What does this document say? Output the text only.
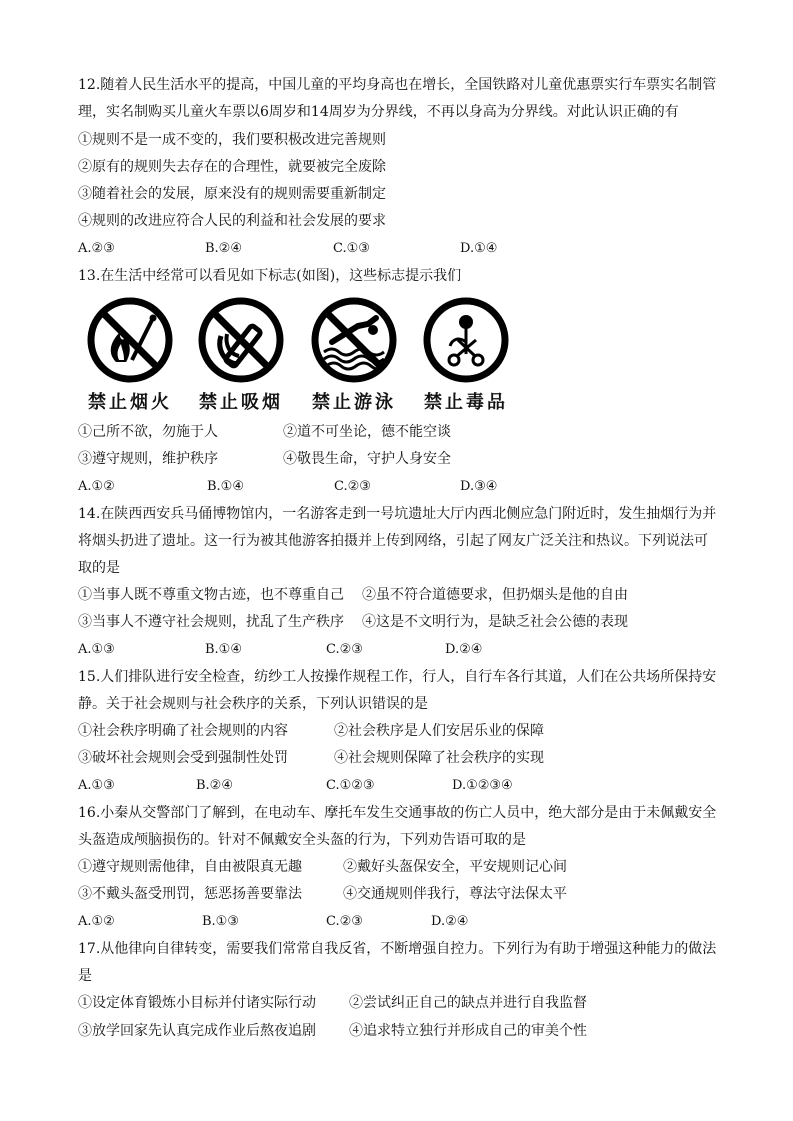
12.随着人民生活水平的提高，中国儿童的平均身高也在增长，全国铁路对儿童优惠票实行车票实名制管
理，实名制购买儿童火车票以6周岁和14周岁为分界线，不再以身高为分界线。对此认识正确的有
①规则不是一成不变的，我们要积极改进完善规则
②原有的规则失去存在的合理性，就要被完全废除
③随着社会的发展，原来没有的规则需要重新制定
④规则的改进应符合人民的利益和社会发展的要求
A.②③	B.②④	C.①③	D.①④
13.在生活中经常可以看见如下标志(如图)，这些标志提示我们
禁止烟火	禁止吸烟	禁止游泳	禁止毒品
①己所不欲，勿施于人	②道不可坐论，德不能空谈
③遵守规则，维护秩序	④敬畏生命，守护人身安全
A.①②	B.①④	C.②③	D.③④
14.在陕西西安兵马俑博物馆内，一名游客走到一号坑遗址大厅内西北侧应急门附近时，发生抽烟行为并
将烟头扔进了遗址。这一行为被其他游客拍摄并上传到网络，引起了网友广泛关注和热议。下列说法可
取的是
①当事人既不尊重文物古迹，也不尊重自己 ②虽不符合道德要求，但扔烟头是他的自由
③当事人不遵守社会规则，扰乱了生产秩序 ④这是不文明行为，是缺乏社会公德的表现
A.①③	B.①④	C.②③	D.②④
15.人们排队进行安全检查，纺纱工人按操作规程工作，行人，自行车各行其道，人们在公共场所保持安
静。关于社会规则与社会秩序的关系，下列认识错误的是
①社会秩序明确了社会规则的内容	②社会秩序是人们安居乐业的保障
③破坏社会规则会受到强制性处罚	④社会规则保障了社会秩序的实现
A.①③	B.②④	C.①②③	D.①②③④
16.小秦从交警部门了解到，在电动车、摩托车发生交通事故的伤亡人员中，绝大部分是由于未佩戴安全
头盔造成颅脑损伤的。针对不佩戴安全头盔的行为，下列劝告语可取的是
①遵守规则需他律，自由被限真无趣	②戴好头盔保安全，平安规则记心间
③不戴头盔受刑罚，惩恶扬善要靠法	④交通规则伴我行，尊法守法保太平
A.①②	B.①③	C.②③	D.②④
17.从他律向自律转变，需要我们常常自我反省，不断增强自控力。下列行为有助于增强这种能力的做法
是
①设定体育锻炼小目标并付诸实际行动 ②尝试纠正自己的缺点并进行自我监督
③放学回家先认真完成作业后熬夜追剧 ④追求特立独行并形成自己的审美个性
